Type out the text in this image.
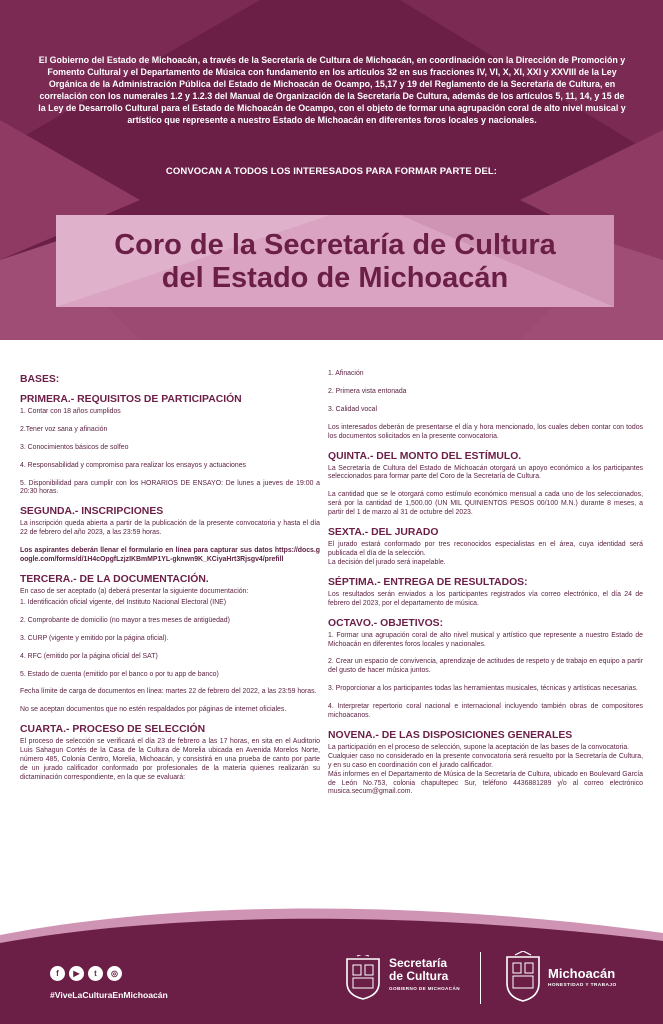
El Gobierno del Estado de Michoacán, a través de la Secretaría de Cultura de Michoacán, en coordinación con la Dirección de Promoción y Fomento Cultural y el Departamento de Música con fundamento en los artículos 32 en sus fracciones IV, VI, X, XI, XXI y XXVIII de la Ley Orgánica de la Administración Pública del Estado de Michoacán de Ocampo, 15,17 y 19 del Reglamento de la Secretaría de Cultura, en correlación con los numerales 1.2 y 1.2.3 del Manual de Organización de la Secretaría De Cultura, además de los artículos 5, 11, 14, y 15 de la Ley de Desarrollo Cultural para el Estado de Michoacán de Ocampo, con el objeto de formar una agrupación coral de alto nivel musical y artístico que represente a nuestro Estado de Michoacán en diferentes foros locales y nacionales.
CONVOCAN A TODOS LOS INTERESADOS PARA FORMAR PARTE DEL:
Coro de la Secretaría de Cultura
del Estado de Michoacán
BASES:
PRIMERA.- REQUISITOS DE PARTICIPACIÓN

1. Contar con 18 años cumplidos

2.Tener voz sana y afinación

3. Conocimientos básicos de solfeo

4. Responsabilidad y compromiso para realizar los ensayos y actuaciones

5. Disponibilidad para cumplir con los HORARIOS DE ENSAYO: De lunes a jueves de 19:00 a 20:30 horas.

SEGUNDA.- INSCRIPCIONES

La inscripción queda abierta a partir de la publicación de la presente convocatoria y hasta el día 22 de febrero del año 2023, a las 23:59 horas.

Los aspirantes deberán llenar el formulario en línea para capturar sus datos https://docs.google.com/forms/d/1H4cOpgfLzjzIKBmMP1YL-gknwn9K_KCiyaHrt3Rjsgv4/prefill

TERCERA.- DE LA DOCUMENTACIÓN.

En caso de ser aceptado (a) deberá presentar la siguiente documentación:

1. Identificación oficial vigente, del Instituto Nacional Electoral (INE)

2. Comprobante de domicilio (no mayor a tres meses de antigüedad)

3. CURP (vigente y emitido por la página oficial).

4. RFC (emitido por la página oficial del SAT)

5. Estado de cuenta (emitido por el banco o por tu app de banco)

Fecha límite de carga de documentos en línea: martes 22 de febrero del 2022, a las 23:59 horas.

No se aceptan documentos que no estén respaldados por páginas de internet oficiales.

CUARTA.- PROCESO DE SELECCIÓN

El proceso de selección se verificará el día 23 de febrero a las 17 horas, en sita en el Auditorio Luis Sahagun Cortés de la Casa de la Cultura de Morelia ubicada en Avenida Morelos Norte, número 485, Colonia Centro, Morelia, Michoacán, y consistirá en una prueba de canto por parte de un jurado calificador conformado por profesionales de la materia quienes realizarán su dictaminación correspondiente, en la que se evaluará:

1. Afinación

2. Primera vista entonada

3. Calidad vocal

Los interesados deberán de presentarse el día y hora mencionado, los cuales deben contar con todos los documentos solicitados en la presente convocatoria.

QUINTA.- DEL MONTO DEL ESTÍMULO.

La Secretaría de Cultura del Estado de Michoacán otorgará un apoyo económico a los participantes seleccionados para formar parte del Coro de la Secretaría de Cultura.

La cantidad que se le otorgará como estímulo económico mensual a cada uno de los seleccionados, será por la cantidad de 1,500.00 (UN MIL QUINIENTOS PESOS 00/100 M.N.) durante 8 meses, a partir del 1 de marzo al 31 de octubre del 2023.

SEXTA.- DEL JURADO

El jurado estará conformado por tres reconocidos especialistas en el área, cuya identidad será publicada el día de la selección.

La decisión del jurado será inapelable.

SÉPTIMA.- ENTREGA DE RESULTADOS:

Los resultados serán enviados a los participantes registrados vía correo electrónico, el día 24 de febrero del 2023, por el departamento de música.

OCTAVO.- OBJETIVOS:

1. Formar una agrupación coral de alto nivel musical y artístico que represente a nuestro Estado de Michoacán en diferentes foros locales y nacionales.

2. Crear un espacio de convivencia, aprendizaje de actitudes de respeto y de trabajo en equipo a partir del gusto de hacer música juntos.

3. Proporcionar a los participantes todas las herramientas musicales, técnicas y artísticas necesarias.

4. Interpretar repertorio coral nacional e internacional incluyendo también obras de compositores michoacanos.

NOVENA.- DE LAS DISPOSICIONES GENERALES

La participación en el proceso de selección, supone la aceptación de las bases de la convocatoria.

Cualquier caso no considerado en la presente convocatoria será resuelto por la Secretaría de Cultura, y en su caso en coordinación con el jurado calificador.

Más informes en el Departamento de Música de la Secretaría de Cultura, ubicado en Boulevard García de León No.753, colonia chapultepec Sur, teléfono 4436881289 y/o al correo electrónico musica.secum@gmail.com.

f	▶	t	◎
#ViveLaCulturaEnMichoacán
Secretaría
de Cultura
GOBIERNO DE MICHOACÁN
Michoacán
HONESTIDAD Y TRABAJO
